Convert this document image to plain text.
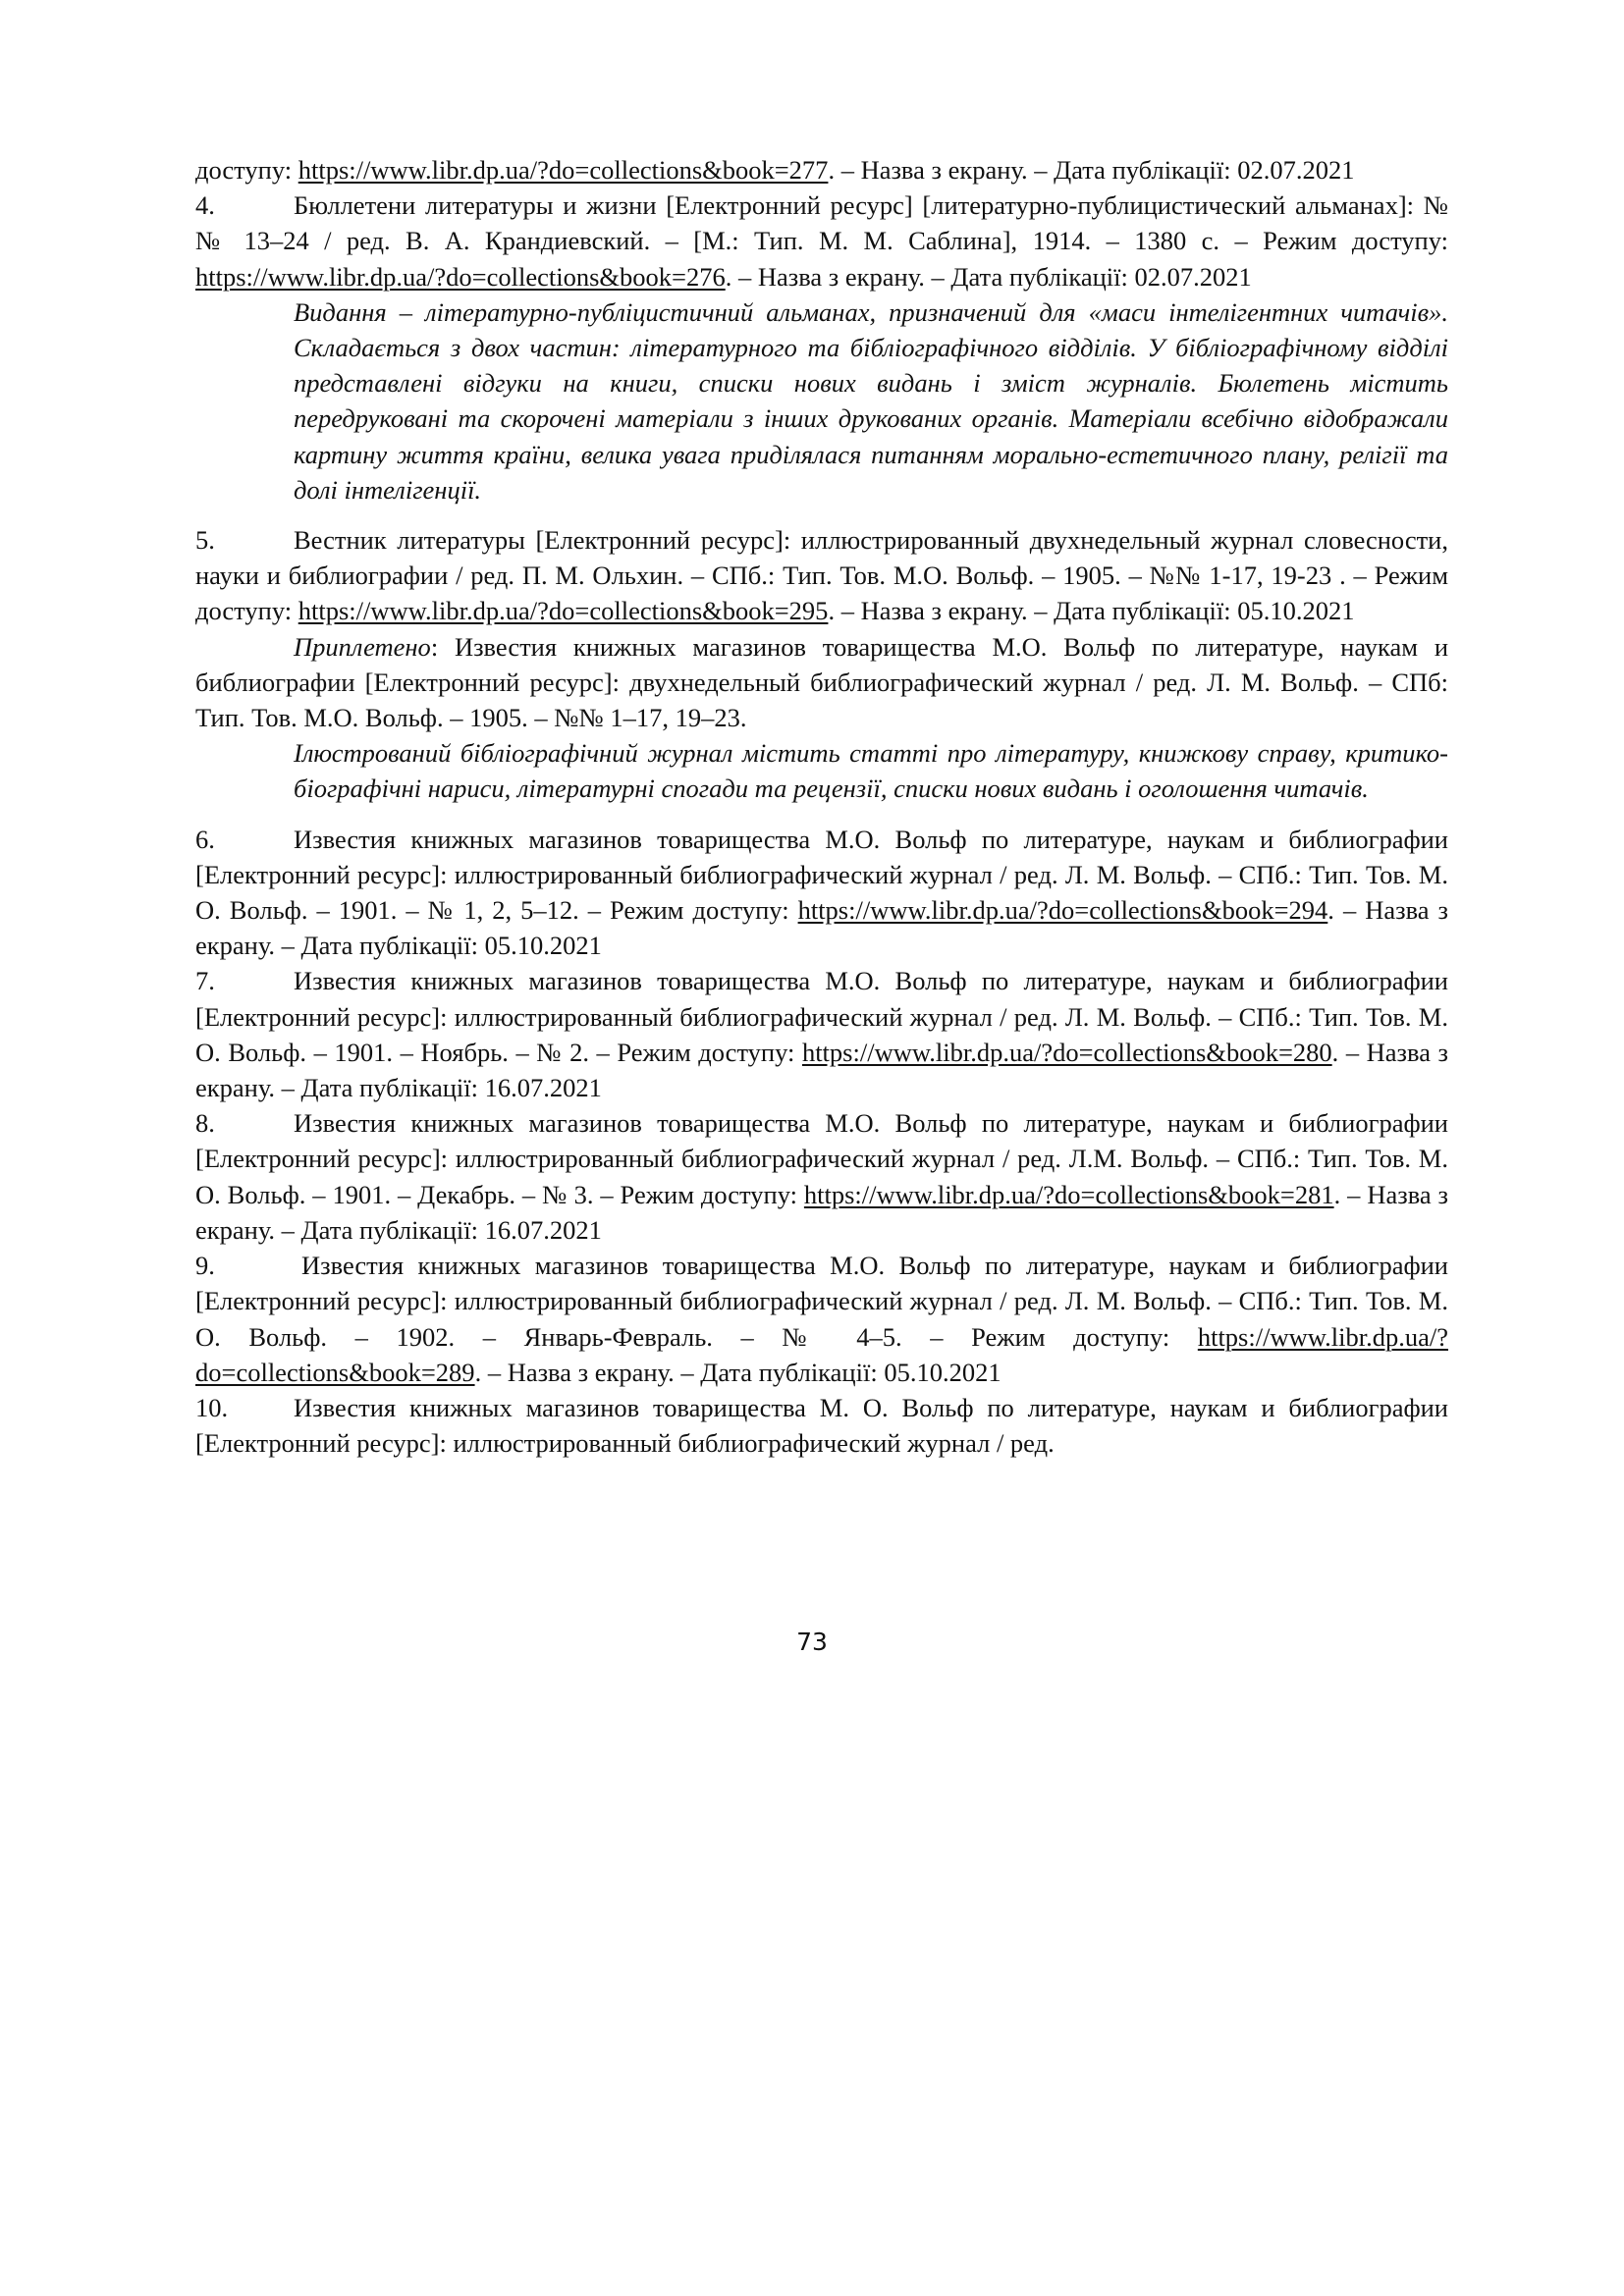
доступу: https://www.libr.dp.ua/?do=collections&book=277. – Назва з екрану. – Дата публікації: 02.07.2021

4.	Бюллетени литературы и жизни [Електронний ресурс] [литературно-публицистический альманах]: №№ 13–24 / ред. В. А. Крандиевский. – [М.: Тип. М. М. Саблина], 1914. – 1380 с. – Режим доступу: https://www.libr.dp.ua/?do=collections&book=276. – Назва з екрану. – Дата публікації: 02.07.2021

Видання – літературно-публіцистичний альманах, призначений для «маси інтелігентних читачів». Складається з двох частин: літературного та бібліографічного відділів. У бібліографічному відділі представлені відгуки на книги, списки нових видань і зміст журналів. Бюлетень містить передруковані та скорочені матеріали з інших друкованих органів. Матеріали всебічно відображали картину життя країни, велика увага приділялася питанням морально-естетичного плану, релігії та долі інтелігенції.

5.	Вестник литературы [Електронний ресурс]: иллюстрированный двухнедельный журнал словесности, науки и библиографии / ред. П. М. Ольхин. – СПб.: Тип. Тов. М.О. Вольф. – 1905. – №№ 1-17, 19-23 . – Режим доступу: https://www.libr.dp.ua/?do=collections&book=295. – Назва з екрану. – Дата публікації: 05.10.2021

Приплетено: Известия книжных магазинов товарищества М.О. Вольф по литературе, наукам и библиографии [Електронний ресурс]: двухнедельный библиографический журнал / ред. Л. М. Вольф. – СПб: Тип. Тов. М.О. Вольф. – 1905. – №№ 1–17, 19–23.

Ілюстрований бібліографічний журнал містить статті про літературу, книжкову справу, критико-біографічні нариси, літературні спогади та рецензії, списки нових видань і оголошення читачів.

6.	Известия книжных магазинов товарищества М.О. Вольф по литературе, наукам и библиографии [Електронний ресурс]: иллюстрированный библиографический журнал / ред. Л. М. Вольф. – СПб.: Тип. Тов. М. О. Вольф. – 1901. – № 1, 2, 5–12. – Режим доступу: https://www.libr.dp.ua/?do=collections&book=294. – Назва з екрану. – Дата публікації: 05.10.2021

7.	Известия книжных магазинов товарищества М.О. Вольф по литературе, наукам и библиографии [Електронний ресурс]: иллюстрированный библиографический журнал / ред. Л. М. Вольф. – СПб.: Тип. Тов. М. О. Вольф. – 1901. – Ноябрь. – № 2. – Режим доступу: https://www.libr.dp.ua/?do=collections&book=280. – Назва з екрану. – Дата публікації: 16.07.2021

8.	Известия книжных магазинов товарищества М.О. Вольф по литературе, наукам и библиографии [Електронний ресурс]: иллюстрированный библиографический журнал / ред. Л.М. Вольф. – СПб.: Тип. Тов. М. О. Вольф. – 1901. – Декабрь. – № 3. – Режим доступу: https://www.libr.dp.ua/?do=collections&book=281. – Назва з екрану. – Дата публікації: 16.07.2021

9.	Известия книжных магазинов товарищества М.О. Вольф по литературе, наукам и библиографии [Електронний ресурс]: иллюстрированный библиографический журнал / ред. Л. М. Вольф. – СПб.: Тип. Тов. М. О. Вольф. – 1902. – Январь-Февраль. – № 4–5. – Режим доступу: https://www.libr.dp.ua/?do=collections&book=289. – Назва з екрану. – Дата публікації: 05.10.2021

10.	Известия книжных магазинов товарищества М. О. Вольф по литературе, наукам и библиографии [Електронний ресурс]: иллюстрированный библиографический журнал / ред.

73
